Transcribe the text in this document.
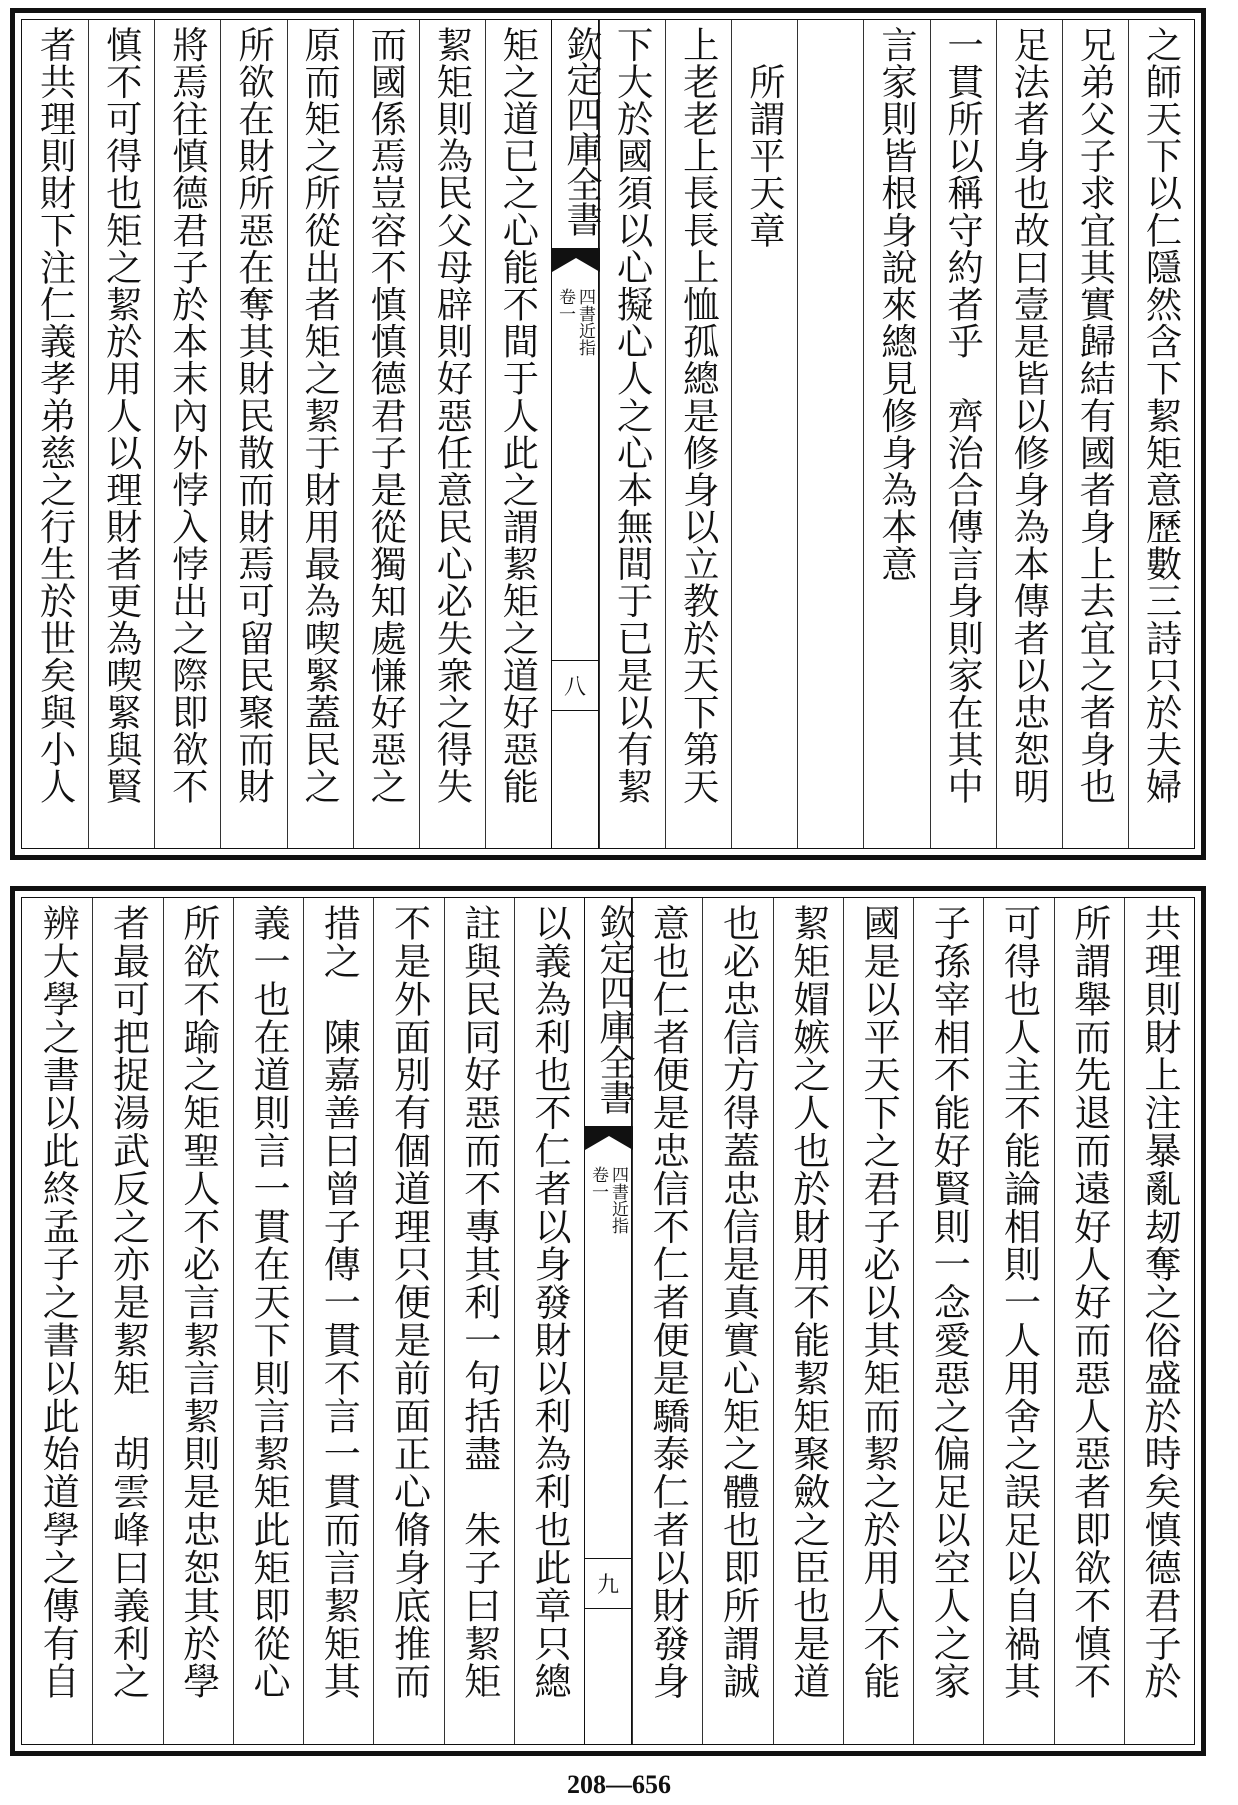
之師天下以仁隱然含下絜矩意歷數三詩只於夫婦
兄弟父子求宜其實歸結有國者身上去宜之者身也
足法者身也故曰壹是皆以修身為本傳者以忠恕明
一貫所以稱守約者乎　齊治合傳言身則家在其中
言家則皆根身說來總見修身為本意
　所謂平天章
上老老上長長上恤孤總是修身以立教於天下第天
下大於國須以心擬心人之心本無間于已是以有絜
欽定四庫全書
四書近指
卷一
八
矩之道已之心能不間于人此之謂絜矩之道好惡能
絜矩則為民父母辟則好惡任意民心必失衆之得失
而國係焉豈容不慎慎德君子是從獨知處慊好惡之
原而矩之所從出者矩之絜于財用最為喫緊蓋民之
所欲在財所惡在奪其財民散而財焉可留民聚而財
將焉往慎德君子於本末內外悖入悖出之際即欲不
慎不可得也矩之絜於用人以理財者更為喫緊與賢
者共理則財下注仁義孝弟慈之行生於世矣與小人
共理則財上注暴亂刼奪之俗盛於時矣慎德君子於
所謂舉而先退而遠好人好而惡人惡者即欲不慎不
可得也人主不能論相則一人用舍之誤足以自禍其
子孫宰相不能好賢則一念愛惡之偏足以空人之家
國是以平天下之君子必以其矩而絜之於用人不能
絜矩媢嫉之人也於財用不能絜矩聚斂之臣也是道
也必忠信方得蓋忠信是真實心矩之體也即所謂誠
意也仁者便是忠信不仁者便是驕泰仁者以財發身
欽定四庫全書
四書近指
卷一
九
以義為利也不仁者以身發財以利為利也此章只總
註與民同好惡而不專其利一句括盡　朱子曰絜矩
不是外面別有個道理只便是前面正心脩身底推而
措之　陳嘉善曰曾子傳一貫不言一貫而言絜矩其
義一也在道則言一貫在天下則言絜矩此矩即從心
所欲不踰之矩聖人不必言絜言絜則是忠恕其於學
者最可把捉湯武反之亦是絜矩　胡雲峰曰義利之
辨大學之書以此終孟子之書以此始道學之傳有自
208—656
